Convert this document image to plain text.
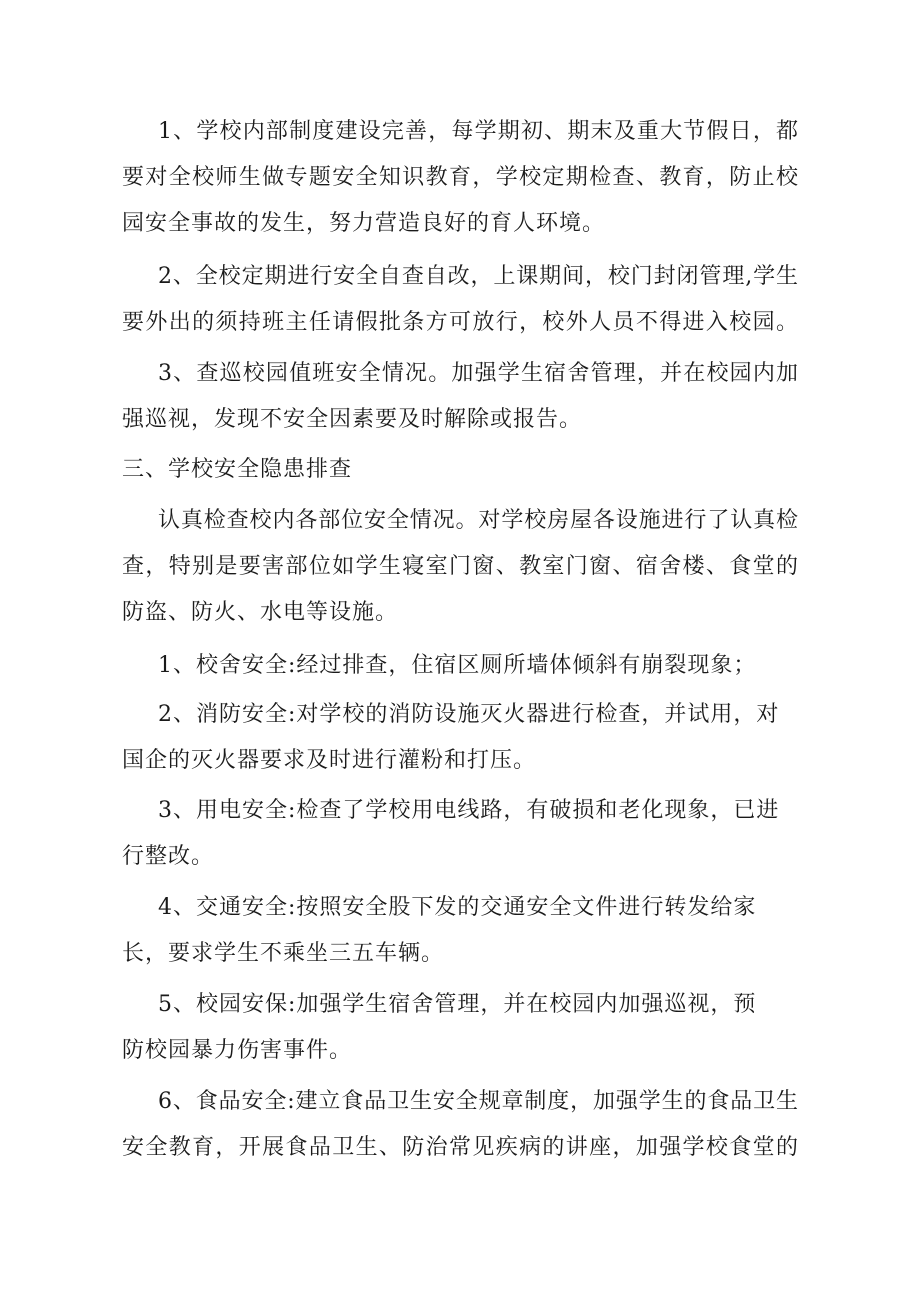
1、学校内部制度建设完善，每学期初、期末及重大节假日，都
要对全校师生做专题安全知识教育，学校定期检查、教育，防止校
园安全事故的发生，努力营造良好的育人环境。
2、全校定期进行安全自查自改，上课期间，校门封闭管理,学生
要外出的须持班主任请假批条方可放行，校外人员不得进入校园。
3、查巡校园值班安全情况。加强学生宿舍管理，并在校园内加
强巡视，发现不安全因素要及时解除或报告。
三、学校安全隐患排查
认真检查校内各部位安全情况。对学校房屋各设施进行了认真检
查，特别是要害部位如学生寝室门窗、教室门窗、宿舍楼、食堂的
防盗、防火、水电等设施。
1、校舍安全:经过排查，住宿区厕所墙体倾斜有崩裂现象；
2、消防安全:对学校的消防设施灭火器进行检查，并试用，对
国企的灭火器要求及时进行灌粉和打压。
3、用电安全:检查了学校用电线路，有破损和老化现象，已进
行整改。
4、交通安全:按照安全股下发的交通安全文件进行转发给家
长，要求学生不乘坐三五车辆。
5、校园安保:加强学生宿舍管理，并在校园内加强巡视，预
防校园暴力伤害事件。
6、食品安全:建立食品卫生安全规章制度，加强学生的食品卫生
安全教育，开展食品卫生、防治常见疾病的讲座，加强学校食堂的
